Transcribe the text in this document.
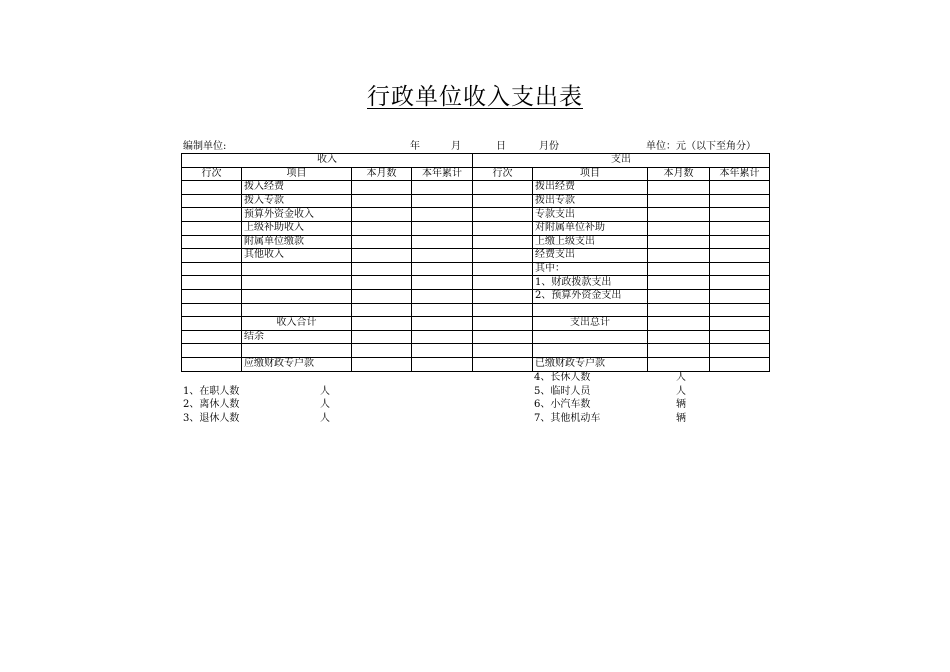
行政单位收入支出表
编制单位:	年	月	日	月份	单位：元（以下至角分）
收入				支出			
行次	项目	本月数	本年累计	行次	项目	本月数	本年累计
	拨入经费				拨出经费		
	拨入专款				拨出专款		
	预算外资金收入				专款支出		
	上级补助收入				对附属单位补助		
	附属单位缴款				上缴上级支出		
	其他收入				经费支出		
					其中：		
					1、财政拨款支出		
					2、预算外资金支出		

	收入合计				支出总计		
	结余						

	应缴财政专户款				已缴财政专户款		
1、在职人数	人
2、离休人数	人
3、退休人数	人
4、长休人数	人
5、临时人员	人
6、小汽车数	辆
7、其他机动车	辆
